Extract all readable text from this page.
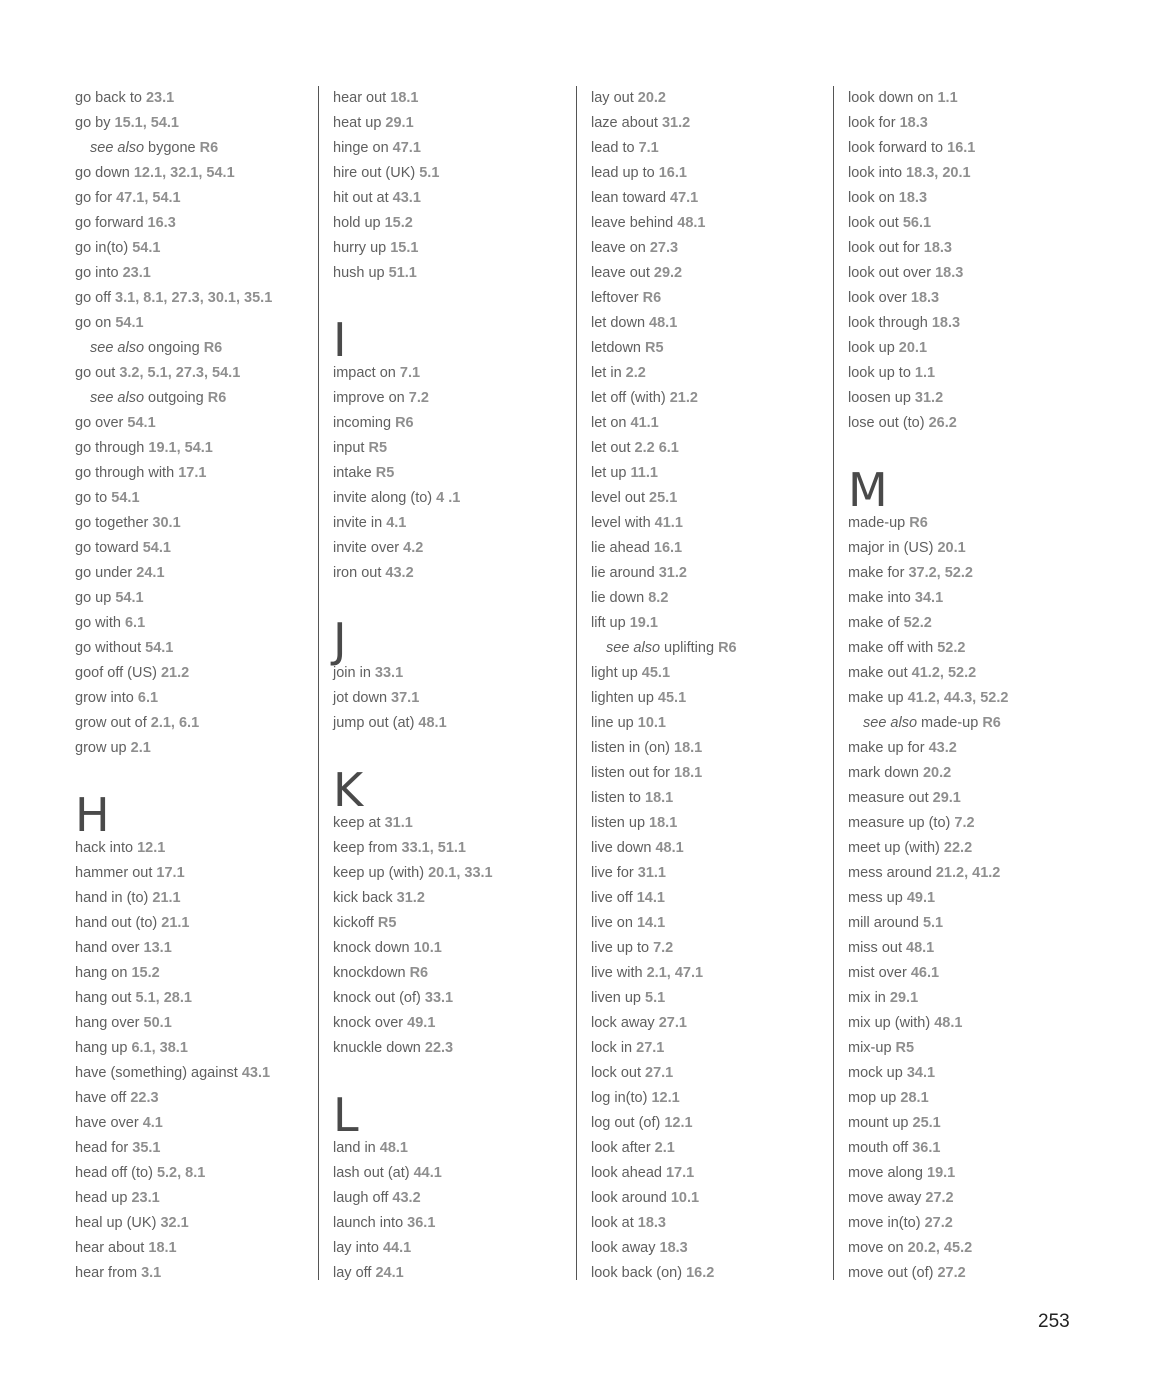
go back to 23.1
go by 15.1, 54.1
see also bygone R6
go down 12.1, 32.1, 54.1
go for 47.1, 54.1
go forward 16.3
go in(to) 54.1
go into 23.1
go off 3.1, 8.1, 27.3, 30.1, 35.1
go on 54.1
see also ongoing R6
go out 3.2, 5.1, 27.3, 54.1
see also outgoing R6
go over 54.1
go through 19.1, 54.1
go through with 17.1
go to 54.1
go together 30.1
go toward 54.1
go under 24.1
go up 54.1
go with 6.1
go without 54.1
goof off (US) 21.2
grow into 6.1
grow out of 2.1, 6.1
grow up 2.1
H
hack into 12.1
hammer out 17.1
hand in (to) 21.1
hand out (to) 21.1
hand over 13.1
hang on 15.2
hang out 5.1, 28.1
hang over 50.1
hang up 6.1, 38.1
have (something) against 43.1
have off 22.3
have over 4.1
head for 35.1
head off (to) 5.2, 8.1
head up 23.1
heal up (UK) 32.1
hear about 18.1
hear from 3.1
hear out 18.1
heat up 29.1
hinge on 47.1
hire out (UK) 5.1
hit out at 43.1
hold up 15.2
hurry up 15.1
hush up 51.1
I
impact on 7.1
improve on 7.2
incoming R6
input R5
intake R5
invite along (to) 4 .1
invite in 4.1
invite over 4.2
iron out 43.2
J
join in 33.1
jot down 37.1
jump out (at) 48.1
K
keep at 31.1
keep from 33.1, 51.1
keep up (with) 20.1, 33.1
kick back 31.2
kickoff R5
knock down 10.1
knockdown R6
knock out (of) 33.1
knock over 49.1
knuckle down 22.3
L
land in 48.1
lash out (at) 44.1
laugh off 43.2
launch into 36.1
lay into 44.1
lay off 24.1
lay out 20.2
laze about 31.2
lead to 7.1
lead up to 16.1
lean toward 47.1
leave behind 48.1
leave on 27.3
leave out 29.2
leftover R6
let down 48.1
letdown R5
let in 2.2
let off (with) 21.2
let on 41.1
let out 2.2 6.1
let up 11.1
level out 25.1
level with 41.1
lie ahead 16.1
lie around 31.2
lie down 8.2
lift up 19.1
see also uplifting R6
light up 45.1
lighten up 45.1
line up 10.1
listen in (on) 18.1
listen out for 18.1
listen to 18.1
listen up 18.1
live down 48.1
live for 31.1
live off 14.1
live on 14.1
live up to 7.2
live with 2.1, 47.1
liven up 5.1
lock away 27.1
lock in 27.1
lock out 27.1
log in(to) 12.1
log out (of) 12.1
look after 2.1
look ahead 17.1
look around 10.1
look at 18.3
look away 18.3
look back (on) 16.2
look down on 1.1
look for 18.3
look forward to 16.1
look into 18.3, 20.1
look on 18.3
look out 56.1
look out for 18.3
look out over 18.3
look over 18.3
look through 18.3
look up 20.1
look up to 1.1
loosen up 31.2
lose out (to) 26.2
M
made-up R6
major in (US) 20.1
make for 37.2, 52.2
make into 34.1
make of 52.2
make off with 52.2
make out 41.2, 52.2
make up 41.2, 44.3, 52.2
see also made-up R6
make up for 43.2
mark down 20.2
measure out 29.1
measure up (to) 7.2
meet up (with) 22.2
mess around 21.2, 41.2
mess up 49.1
mill around 5.1
miss out 48.1
mist over 46.1
mix in 29.1
mix up (with) 48.1
mix-up R5
mock up 34.1
mop up 28.1
mount up 25.1
mouth off 36.1
move along 19.1
move away 27.2
move in(to) 27.2
move on 20.2, 45.2
move out (of) 27.2
253
